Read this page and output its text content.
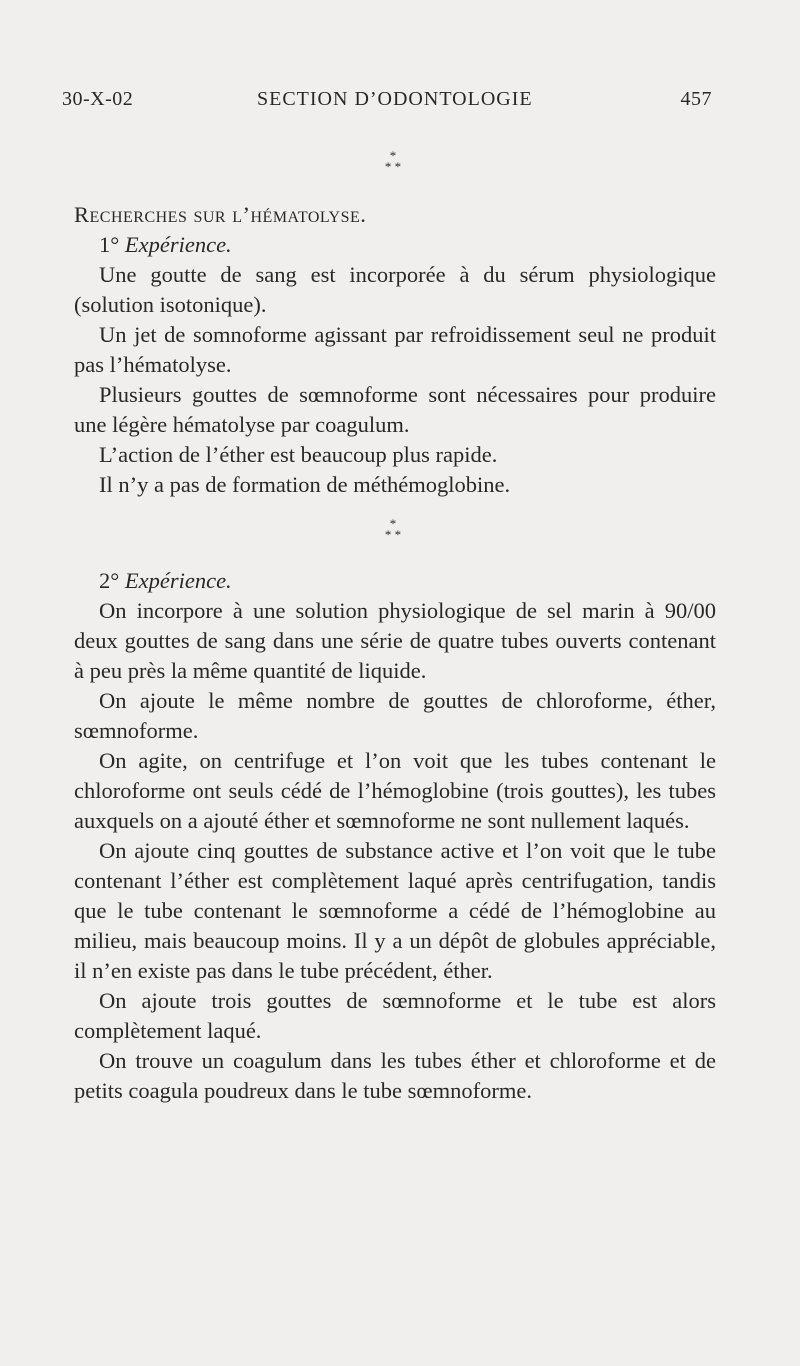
30-X-02	SECTION D’ODONTOLOGIE	457
*
* *

Recherches sur l’hématolyse.

1° Expérience.

Une goutte de sang est incorporée à du sérum physiologique (solution isotonique).

Un jet de somnoforme agissant par refroidissement seul ne produit pas l’hématolyse.

Plusieurs gouttes de sœmnoforme sont nécessaires pour produire une légère hématolyse par coagulum.

L’action de l’éther est beaucoup plus rapide.

Il n’y a pas de formation de méthémoglobine.

*
* *

2° Expérience.

On incorpore à une solution physiologique de sel marin à 90/00 deux gouttes de sang dans une série de quatre tubes ouverts contenant à peu près la même quantité de liquide.

On ajoute le même nombre de gouttes de chloroforme, éther, sœmnoforme.

On agite, on centrifuge et l’on voit que les tubes contenant le chloroforme ont seuls cédé de l’hémoglobine (trois gouttes), les tubes auxquels on a ajouté éther et sœmnoforme ne sont nullement laqués.

On ajoute cinq gouttes de substance active et l’on voit que le tube contenant l’éther est complètement laqué après centrifugation, tandis que le tube contenant le sœmnoforme a cédé de l’hémoglobine au milieu, mais beaucoup moins. Il y a un dépôt de globules appréciable, il n’en existe pas dans le tube précédent, éther.

On ajoute trois gouttes de sœmnoforme et le tube est alors complètement laqué.

On trouve un coagulum dans les tubes éther et chloroforme et de petits coagula poudreux dans le tube sœmnoforme.
